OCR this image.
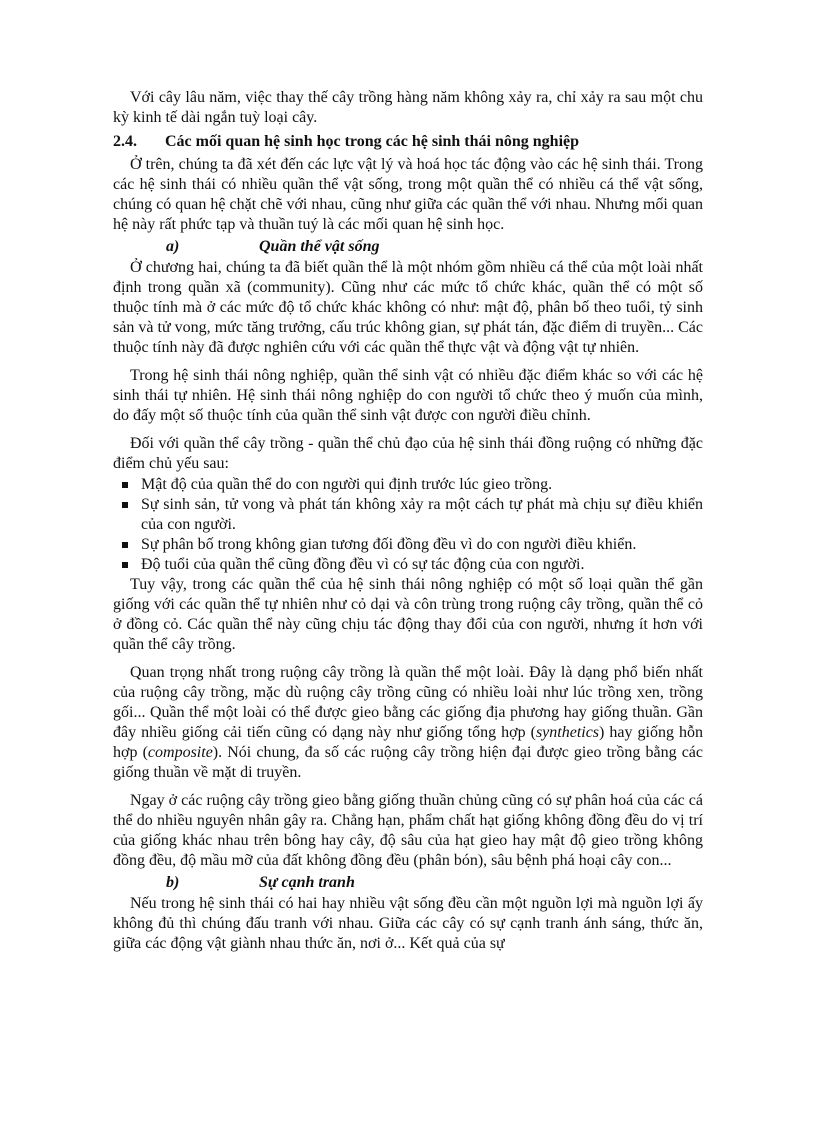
Với cây lâu năm, việc thay thế cây trồng hàng năm không xảy ra, chỉ xảy ra sau một chu kỳ kinh tế dài ngắn tuỳ loại cây.

2.4.	Các mối quan hệ sinh học trong các hệ sinh thái nông nghiệp

Ở trên, chúng ta đã xét đến các lực vật lý và hoá học tác động vào các hệ sinh thái. Trong các hệ sinh thái có nhiều quần thể vật sống, trong một quần thể có nhiều cá thể vật sống, chúng có quan hệ chặt chẽ với nhau, cũng như giữa các quần thể với nhau. Nhưng mối quan hệ này rất phức tạp và thuần tuý là các mối quan hệ sinh học.

a)	Quần thể vật sống

Ở chương hai, chúng ta đã biết quần thể là một nhóm gồm nhiều cá thể của một loài nhất định trong quần xã (community). Cũng như các mức tổ chức khác, quần thể có một số thuộc tính mà ở các mức độ tổ chức khác không có như: mật độ, phân bố theo tuổi, tỷ sinh sản và tử vong, mức tăng trưởng, cấu trúc không gian, sự phát tán, đặc điểm di truyền... Các thuộc tính này đã được nghiên cứu với các quần thể thực vật và động vật tự nhiên.

Trong hệ sinh thái nông nghiệp, quần thể sinh vật có nhiều đặc điểm khác so với các hệ sinh thái tự nhiên. Hệ sinh thái nông nghiệp do con người tổ chức theo ý muốn của mình, do đấy một số thuộc tính của quần thể sinh vật được con người điều chỉnh.

Đối với quần thể cây trồng - quần thể chủ đạo của hệ sinh thái đồng ruộng có những đặc điểm chủ yếu sau:

Mật độ của quần thể do con người qui định trước lúc gieo trồng.
Sự sinh sản, tử vong và phát tán không xảy ra một cách tự phát mà chịu sự điều khiển của con người.
Sự phân bố trong không gian tương đối đồng đều vì do con người điều khiển.
Độ tuổi của quần thể cũng đồng đều vì có sự tác động của con người.

Tuy vậy, trong các quần thể của hệ sinh thái nông nghiệp có một số loại quần thể gần giống với các quần thể tự nhiên như cỏ dại và côn trùng trong ruộng cây trồng, quần thể cỏ ở đồng cỏ. Các quần thể này cũng chịu tác động thay đổi của con người, nhưng ít hơn với quần thể cây trồng.

Quan trọng nhất trong ruộng cây trồng là quần thể một loài. Đây là dạng phổ biến nhất của ruộng cây trồng, mặc dù ruộng cây trồng cũng có nhiều loài như lúc trồng xen, trồng gối... Quần thể một loài có thể được gieo bằng các giống địa phương hay giống thuần. Gần đây nhiều giống cải tiến cũng có dạng này như giống tổng hợp (synthetics) hay giống hỗn hợp (composite). Nói chung, đa số các ruộng cây trồng hiện đại được gieo trồng bằng các giống thuần về mặt di truyền.

Ngay ở các ruộng cây trồng gieo bằng giống thuần chủng cũng có sự phân hoá của các cá thể do nhiều nguyên nhân gây ra. Chẳng hạn, phẩm chất hạt giống không đồng đều do vị trí của giống khác nhau trên bông hay cây, độ sâu của hạt gieo hay mật độ gieo trồng không đồng đều, độ mầu mỡ của đất không đồng đều (phân bón), sâu bệnh phá hoại cây con...

b)	Sự cạnh tranh

Nếu trong hệ sinh thái có hai hay nhiều vật sống đều cần một nguồn lợi mà nguồn lợi ấy không đủ thì chúng đấu tranh với nhau. Giữa các cây có sự cạnh tranh ánh sáng, thức ăn, giữa các động vật giành nhau thức ăn, nơi ở... Kết quả của sự
